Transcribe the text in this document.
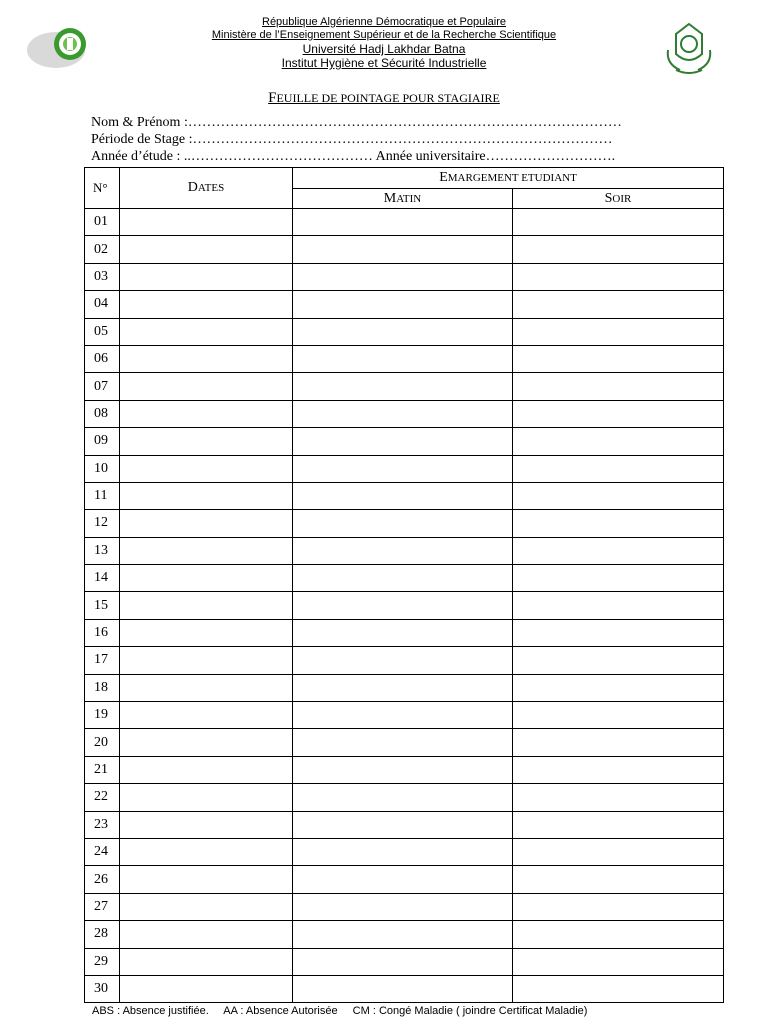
République Algérienne Démocratique et Populaire
Ministère de l’Enseignement Supérieur et de la Recherche Scientifique
Université Hadj Lakhdar Batna
Institut Hygiène et Sécurité Industrielle
FEUILLE DE POINTAGE POUR STAGIAIRE
Nom & Prénom :…………………………………………………………………………………
Période de Stage :………………………………………………………………………………
Année d’étude : ..………………………………… Année universitaire……………………….
N°	DATES	EMARGEMENT ETUDIANT	
		MATIN	SOIR
01			
02			
03			
04			
05			
06			
07			
08			
09			
10			
11			
12			
13			
14			
15			
16			
17			
18			
19			
20			
21			
22			
23			
24			
26			
27			
28			
29			
30			
ABS : Absence justifiée. AA : Absence Autorisée CM : Congé Maladie ( joindre Certificat Maladie)
